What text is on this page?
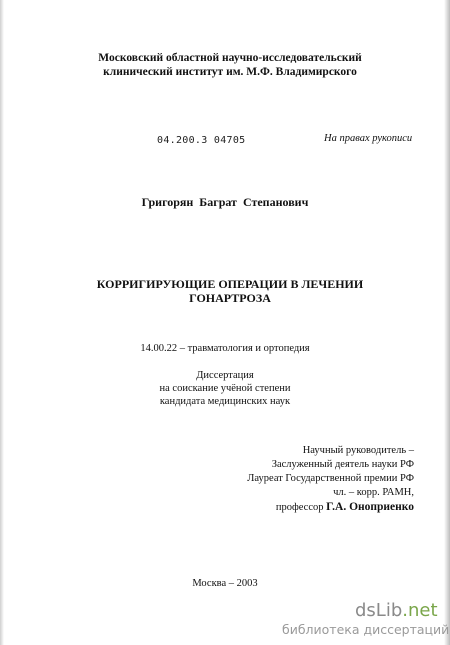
Московский областной научно-исследовательский
клинический институт им. М.Ф. Владимирского
04.200.3 04705	На правах рукописи
Григорян Баграт Степанович
КОРРИГИРУЮЩИЕ ОПЕРАЦИИ В ЛЕЧЕНИИ
ГОНАРТРОЗА
14.00.22 – травматология и ортопедия
Диссертация
на соискание учёной степени
кандидата медицинских наук
Научный руководитель –
Заслуженный деятель науки РФ
Лауреат Государственной премии РФ
чл. – корр. РАМН,
профессор Г.А. Оноприенко
Москва – 2003
dsLib.net
библиотека диссертаций
